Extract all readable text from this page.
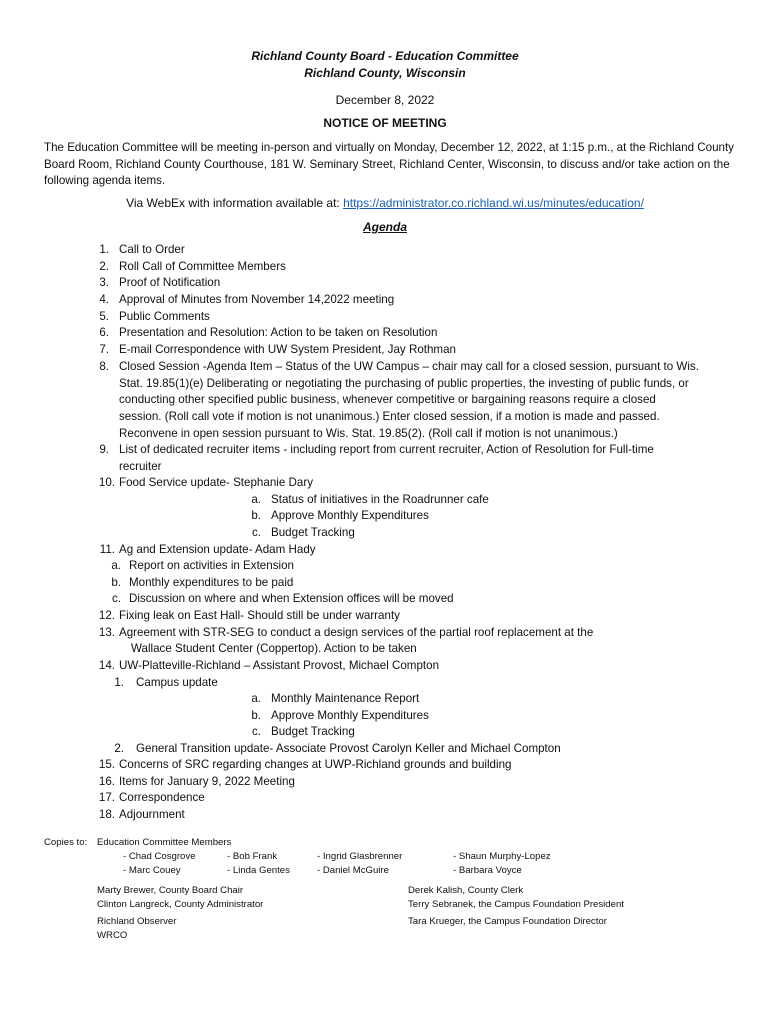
Richland County Board - Education Committee
Richland County, Wisconsin
December 8, 2022
NOTICE OF MEETING
The Education Committee will be meeting in-person and virtually on Monday, December 12, 2022, at 1:15 p.m., at the Richland County Board Room, Richland County Courthouse, 181 W. Seminary Street, Richland Center, Wisconsin, to discuss and/or take action on the following agenda items.
Via WebEx with information available at: https://administrator.co.richland.wi.us/minutes/education/
Agenda
1. Call to Order
2. Roll Call of Committee Members
3. Proof of Notification
4. Approval of Minutes from November 14,2022 meeting
5. Public Comments
6. Presentation and Resolution: Action to be taken on Resolution
7. E-mail Correspondence with UW System President, Jay Rothman
8. Closed Session -Agenda Item – Status of the UW Campus – chair may call for a closed session, pursuant to Wis.
Stat. 19.85(1)(e) Deliberating or negotiating the purchasing of public properties, the investing of public funds, or
conducting other specified public business, whenever competitive or bargaining reasons require a closed
session. (Roll call vote if motion is not unanimous.) Enter closed session, if a motion is made and passed.
Reconvene in open session pursuant to Wis. Stat. 19.85(2). (Roll call if motion is not unanimous.)
9. List of dedicated recruiter items - including report from current recruiter, Action of Resolution for Full-time
recruiter
10. Food Service update- Stephanie Dary
a. Status of initiatives in the Roadrunner cafe
b. Approve Monthly Expenditures
c. Budget Tracking
11. Ag and Extension update- Adam Hady
a. Report on activities in Extension
b. Monthly expenditures to be paid
c. Discussion on where and when Extension offices will be moved
12. Fixing leak on East Hall- Should still be under warranty
13. Agreement with STR-SEG to conduct a design services of the partial roof replacement at the
Wallace Student Center (Coppertop). Action to be taken
14. UW-Platteville-Richland – Assistant Provost, Michael Compton
1. Campus update
a. Monthly Maintenance Report
b. Approve Monthly Expenditures
c. Budget Tracking
2. General Transition update- Associate Provost Carolyn Keller and Michael Compton
15. Concerns of SRC regarding changes at UWP-Richland grounds and building
16. Items for January 9, 2022 Meeting
17. Correspondence
18. Adjournment
Copies to: Education Committee Members
- Chad Cosgrove	- Bob Frank	- Ingrid Glasbrenner	- Shaun Murphy-Lopez
- Marc Couey	- Linda Gentes	- Daniel McGuire	- Barbara Voyce
Marty Brewer, County Board Chair
Clinton Langreck, County Administrator
Richland Observer
WRCO
Derek Kalish, County Clerk
Terry Sebranek, the Campus Foundation President
Tara Krueger, the Campus Foundation Director
